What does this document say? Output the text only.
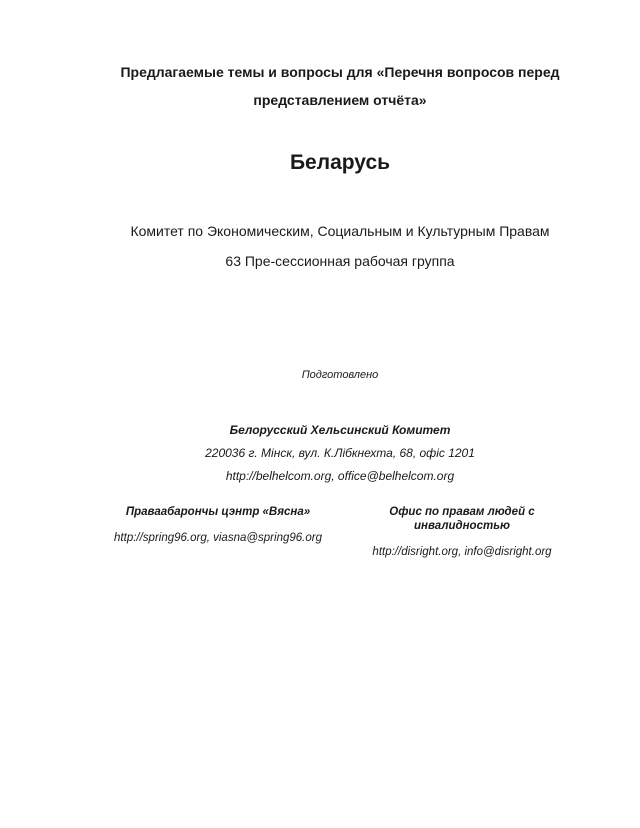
Предлагаемые темы и вопросы для «Перечня вопросов перед представлением отчёта»
Беларусь

Комитет по Экономическим, Социальным и Культурным Правам

63 Пре-сессионная рабочая группа

Подготовлено

Белорусский Хельсинский Комитет

220036 г. Мінск, вул. К.Лібкнехта, 68, офіс 1201

http://belhelcom.org, office@belhelcom.org

Праваабарончы цэнтр «Вясна»

http://spring96.org, viasna@spring96.org

Офис по правам людей с инвалидностью

http://disright.org, info@disright.org
